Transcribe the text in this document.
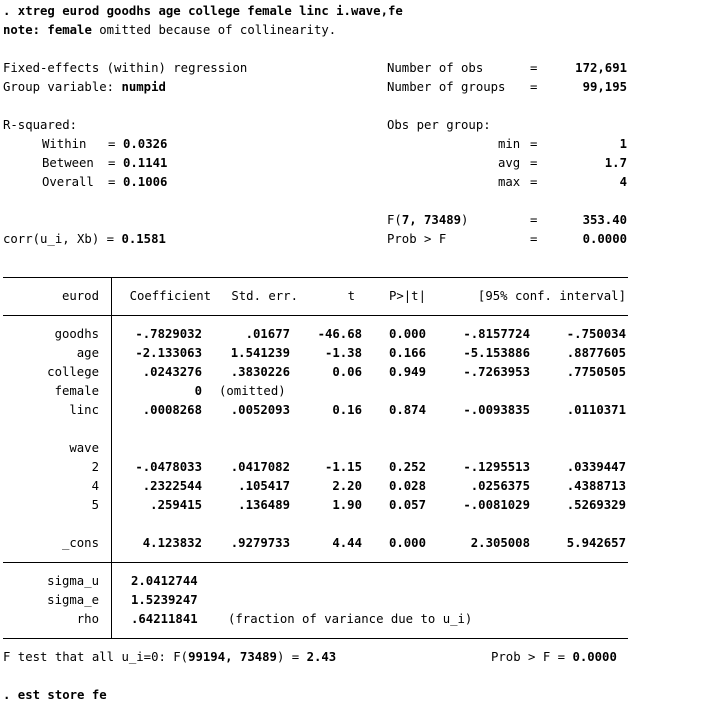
. xtreg eurod goodhs age college female linc i.wave,fe
note: female omitted because of collinearity.
Fixed-effects (within) regression
Group variable: numpid
Number of obs	=	172,691
Number of groups =	99,195
R-squared:
Within = 0.0326
Between = 0.1141
Overall = 0.1006
Obs per group:
min =	1
avg =	1.7
max =	4
F(7, 73489)	=	353.40
corr(u_i, Xb) = 0.1581	Prob > F	=	0.0000
eurod	Coefficient	Std. err.	t	P>|t|	[95% conf. interval]
goodhs	-.7829032	.01677	-46.68	0.000	-.8157724	-.750034
age	-2.133063	1.541239	-1.38	0.166	-5.153886	.8877605
college	.0243276	.3830226	0.06	0.949	-.7263953	.7750505
female	0 (omitted)
linc	.0008268	.0052093	0.16	0.874	-.0093835	.0110371
wave
2	-.0478033	.0417082	-1.15	0.252	-.1295513	.0339447
4	.2322544	.105417	2.20	0.028	.0256375	.4388713
5	.259415	.136489	1.90	0.057	-.0081029	.5269329
_cons	4.123832	.9279733	4.44	0.000	2.305008	5.942657
sigma_u	2.0412744
sigma_e	1.5239247
rho	.64211841 (fraction of variance due to u_i)
F test that all u_i=0: F(99194, 73489) = 2.43	Prob > F = 0.0000
. est store fe
